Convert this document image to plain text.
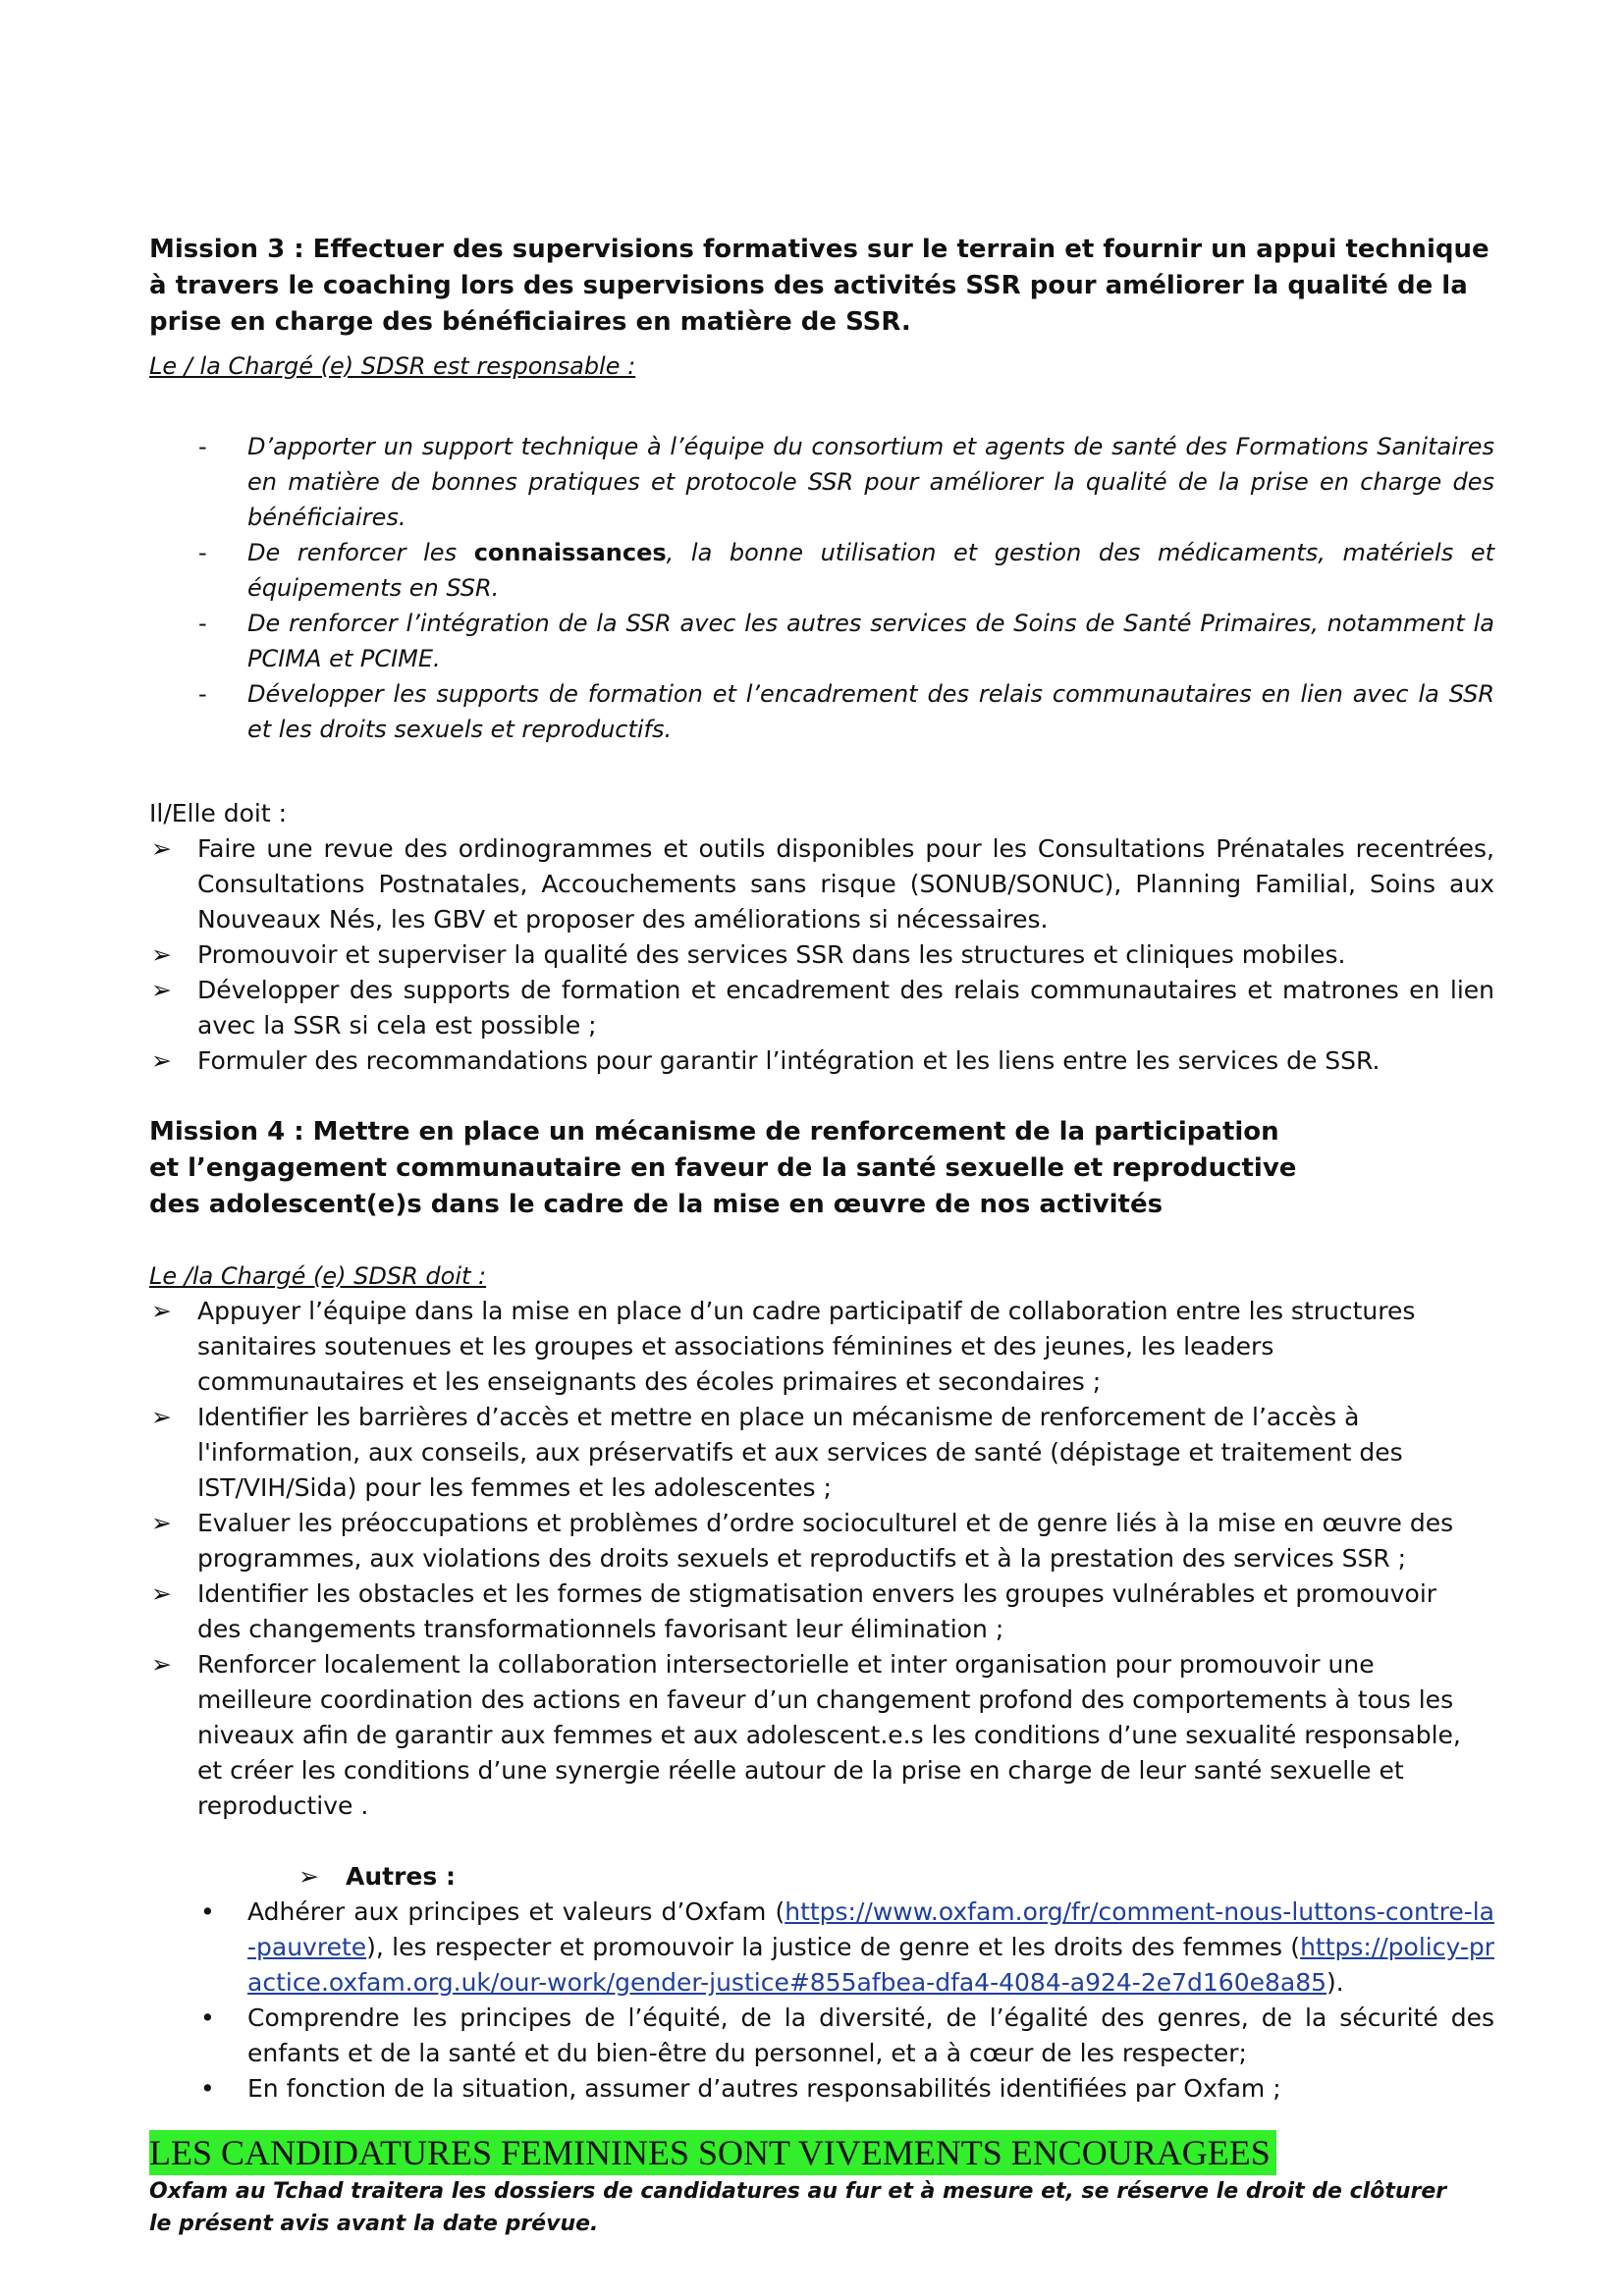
Mission 3 : Effectuer des supervisions formatives sur le terrain et fournir un appui technique à travers le coaching lors des supervisions des activités SSR pour améliorer la qualité de la prise en charge des bénéficiaires en matière de SSR.

Le / la Chargé (e) SDSR est responsable :

- D’apporter un support technique à l’équipe du consortium et agents de santé des Formations Sanitaires en matière de bonnes pratiques et protocole SSR pour améliorer la qualité de la prise en charge des bénéficiaires.
- De renforcer les connaissances, la bonne utilisation et gestion des médicaments, matériels et équipements en SSR.
- De renforcer l’intégration de la SSR avec les autres services de Soins de Santé Primaires, notamment la PCIMA et PCIME.
- Développer les supports de formation et l’encadrement des relais communautaires en lien avec la SSR et les droits sexuels et reproductifs.

Il/Elle doit :

➢ Faire une revue des ordinogrammes et outils disponibles pour les Consultations Prénatales recentrées, Consultations Postnatales, Accouchements sans risque (SONUB/SONUC), Planning Familial, Soins aux Nouveaux Nés, les GBV et proposer des améliorations si nécessaires.
➢ Promouvoir et superviser la qualité des services SSR dans les structures et cliniques mobiles.
➢ Développer des supports de formation et encadrement des relais communautaires et matrones en lien avec la SSR si cela est possible ;
➢ Formuler des recommandations pour garantir l’intégration et les liens entre les services de SSR.

Mission 4 : Mettre en place un mécanisme de renforcement de la participation et l’engagement communautaire en faveur de la santé sexuelle et reproductive des adolescent(e)s dans le cadre de la mise en œuvre de nos activités

Le /la Chargé (e) SDSR doit :

➢ Appuyer l’équipe dans la mise en place d’un cadre participatif de collaboration entre les structures sanitaires soutenues et les groupes et associations féminines et des jeunes, les leaders communautaires et les enseignants des écoles primaires et secondaires ;
➢ Identifier les barrières d’accès et mettre en place un mécanisme de renforcement de l’accès à l'information, aux conseils, aux préservatifs et aux services de santé (dépistage et traitement des IST/VIH/Sida) pour les femmes et les adolescentes ;
➢ Evaluer les préoccupations et problèmes d’ordre socioculturel et de genre liés à la mise en œuvre des programmes, aux violations des droits sexuels et reproductifs et à la prestation des services SSR ;
➢ Identifier les obstacles et les formes de stigmatisation envers les groupes vulnérables et promouvoir des changements transformationnels favorisant leur élimination ;
➢ Renforcer localement la collaboration intersectorielle et inter organisation pour promouvoir une meilleure coordination des actions en faveur d’un changement profond des comportements à tous les niveaux afin de garantir aux femmes et aux adolescent.e.s les conditions d’une sexualité responsable, et créer les conditions d’une synergie réelle autour de la prise en charge de leur santé sexuelle et reproductive .

➢ Autres :

• Adhérer aux principes et valeurs d’Oxfam (https://www.oxfam.org/fr/comment-nous-luttons-contre-la-pauvrete), les respecter et promouvoir la justice de genre et les droits des femmes (https://policy-practice.oxfam.org.uk/our-work/gender-justice#855afbea-dfa4-4084-a924-2e7d160e8a85).
• Comprendre les principes de l’équité, de la diversité, de l’égalité des genres, de la sécurité des enfants et de la santé et du bien-être du personnel, et a à cœur de les respecter;
• En fonction de la situation, assumer d’autres responsabilités identifiées par Oxfam ;
LES CANDIDATURES FEMININES SONT VIVEMENTS ENCOURAGEES

Oxfam au Tchad traitera les dossiers de candidatures au fur et à mesure et, se réserve le droit de clôturer le présent avis avant la date prévue.
